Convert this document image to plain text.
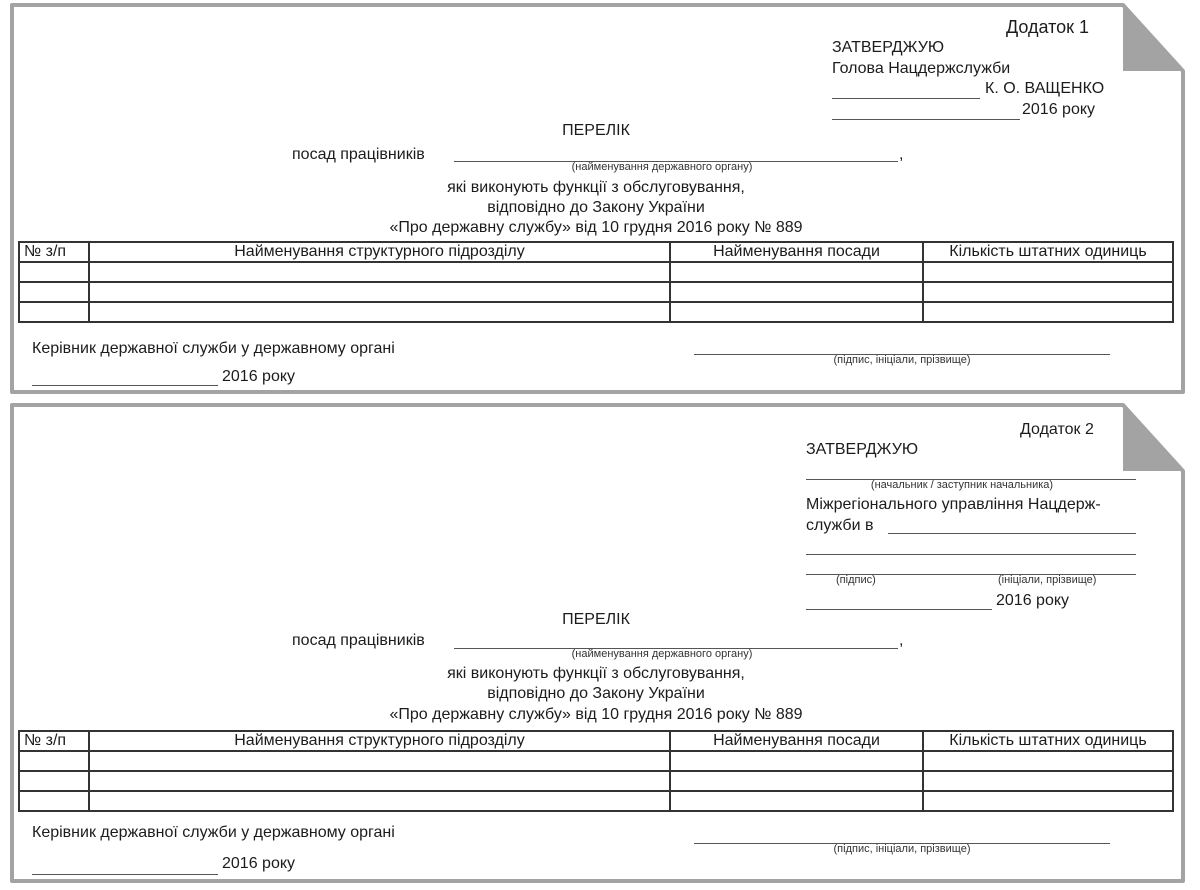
Додаток 1
ЗАТВЕРДЖУЮ
Голова Нацдержслужби
К. О. ВАЩЕНКО
2016 року
ПЕРЕЛІК
посад працівників	,
(найменування державного органу)
які виконують функції з обслуговування,
відповідно до Закону України
«Про державну службу» від 10 грудня 2016 року № 889
№ з/п	Найменування структурного підрозділу	Найменування посади	Кількість штатних одиниць

Керівник державної служби у державному органі
(підпис, ініціали, прізвище)
2016 року
Додаток 2
ЗАТВЕРДЖУЮ
(начальник / заступник начальника)
Міжрегіонального управління Нацдерж-
служби в
(підпис)	(ініціали, прізвище)
2016 року
ПЕРЕЛІК
посад працівників	,
(найменування державного органу)
які виконують функції з обслуговування,
відповідно до Закону України
«Про державну службу» від 10 грудня 2016 року № 889
№ з/п	Найменування структурного підрозділу	Найменування посади	Кількість штатних одиниць

Керівник державної служби у державному органі
(підпис, ініціали, прізвище)
2016 року
